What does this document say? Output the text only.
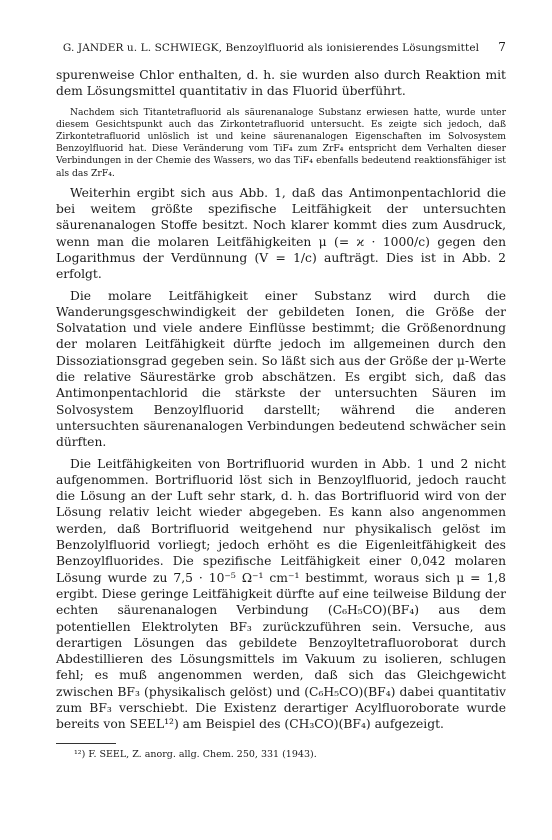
G. JANDER u. L. SCHWIEGK, Benzoylfluorid als ionisierendes Lösungsmittel	7

spurenweise Chlor enthalten, d. h. sie wurden also durch Reaktion mit dem Lösungsmittel quantitativ in das Fluorid überführt.

Nachdem sich Titantetrafluorid als säurenanaloge Substanz erwiesen hatte, wurde unter diesem Gesichtspunkt auch das Zirkontetrafluorid untersucht. Es zeigte sich jedoch, daß Zirkontetrafluorid unlöslich ist und keine säurenanalogen Eigenschaften im Solvosystem Benzoylfluorid hat. Diese Veränderung vom TiF₄ zum ZrF₄ entspricht dem Verhalten dieser Verbindungen in der Chemie des Wassers, wo das TiF₄ ebenfalls bedeutend reaktionsfähiger ist als das ZrF₄.

Weiterhin ergibt sich aus Abb. 1, daß das Antimonpentachlorid die bei weitem größte spezifische Leitfähigkeit der untersuchten säurenanalogen Stoffe besitzt. Noch klarer kommt dies zum Ausdruck, wenn man die molaren Leitfähigkeiten μ (= ϰ · 1000/c) gegen den Logarithmus der Verdünnung (V = 1/c) aufträgt. Dies ist in Abb. 2 erfolgt.

Die molare Leitfähigkeit einer Substanz wird durch die Wanderungsgeschwindigkeit der gebildeten Ionen, die Größe der Solvatation und viele andere Einflüsse bestimmt; die Größenordnung der molaren Leitfähigkeit dürfte jedoch im allgemeinen durch den Dissoziationsgrad gegeben sein. So läßt sich aus der Größe der μ-Werte die relative Säurestärke grob abschätzen. Es ergibt sich, daß das Antimonpentachlorid die stärkste der untersuchten Säuren im Solvosystem Benzoylfluorid darstellt; während die anderen untersuchten säurenanalogen Verbindungen bedeutend schwächer sein dürften.

Die Leitfähigkeiten von Bortrifluorid wurden in Abb. 1 und 2 nicht aufgenommen. Bortrifluorid löst sich in Benzoylfluorid, jedoch raucht die Lösung an der Luft sehr stark, d. h. das Bortrifluorid wird von der Lösung relativ leicht wieder abgegeben. Es kann also angenommen werden, daß Bortrifluorid weitgehend nur physikalisch gelöst im Benzolylfluorid vorliegt; jedoch erhöht es die Eigenleitfähigkeit des Benzoylfluorides. Die spezifische Leitfähigkeit einer 0,042 molaren Lösung wurde zu 7,5 · 10⁻⁵ Ω⁻¹ cm⁻¹ bestimmt, woraus sich μ = 1,8 ergibt. Diese geringe Leitfähigkeit dürfte auf eine teilweise Bildung der echten säurenanalogen Verbindung (C₆H₅CO)(BF₄) aus dem potentiellen Elektrolyten BF₃ zurückzuführen sein. Versuche, aus derartigen Lösungen das gebildete Benzoyltetrafluoroborat durch Abdestillieren des Lösungsmittels im Vakuum zu isolieren, schlugen fehl; es muß angenommen werden, daß sich das Gleichgewicht zwischen BF₃ (physikalisch gelöst) und (C₆H₅CO)(BF₄) dabei quantitativ zum BF₃ verschiebt. Die Existenz derartiger Acylfluoroborate wurde bereits von SEEL¹²) am Beispiel des (CH₃CO)(BF₄) aufgezeigt.

¹²) F. SEEL, Z. anorg. allg. Chem. 250, 331 (1943).
